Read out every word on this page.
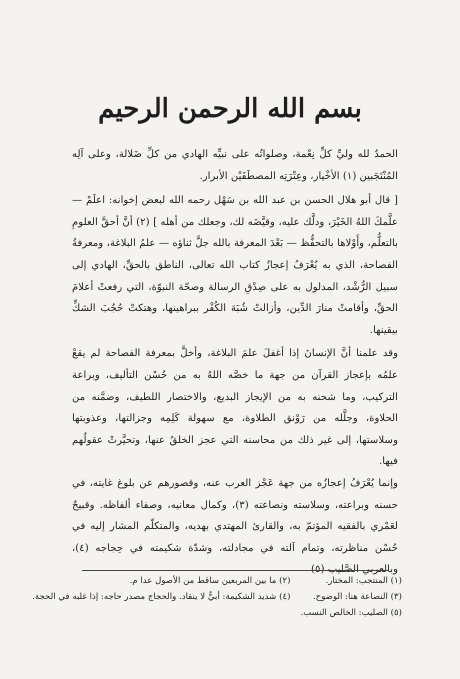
بسم الله الرحمن الرحيم

الحمدُ لله وليِّ كلِّ نِعْمة، وصلواتُه على نبيِّه الهادي من كلِّ ضَلالة، وعلى آلِه المُنْتَجَبين (١) الأخْيار، وعِتْرَتِه المصطَفَيْن الأبرار.

[ قال أبو هلال الحسن بن عبد الله بن سَهْل رحمه الله لبعض إخوانه: اعلَمْ — علَّمكَ اللهُ الخَيْرَ، ودلَّك عليه، وقيَّضَه لك، وجعلك من أهله ] (٢) أنَّ أحقَّ العلومِ بالتعلُّم، وأَوْلاها بالتحفُّظ — بَعْدَ المعرفة بالله جلَّ ثناؤه — علمُ البلاغة، ومعرفةُ الفصاحة، الذي به يُعْرَفُ إعجازُ كتاب الله تعالى، الناطق بالحقِّ، الهادي إلى سبيل الرُّشْد، المدلول به على صِدْقِ الرسالة وصحّة النبوّة، التي رفعتْ أعلامَ الحقِّ، وأقامتْ منارَ الدِّين، وأزالتْ شُبَهَ الكُفْر ببراهينها، وهتكتْ حُجُبَ الشكِّ بيقينها.

وقد علمنا أنَّ الإنسانَ إذا أغفلَ علمَ البلاغة، وأخلَّ بمعرفة الفصاحة لم يقعْ علمُه بإعجاز القرآن من جهة ما خصَّه اللهُ به من حُسْن التأليف، وبراعة التركيب، وما شحنه به من الإيجاز البديع، والاختصار اللطيف، وضمَّنه من الحلاوة، وجلَّله من رَوْنق الطلاوة، مع سهولة كَلِمِه وجزالتها، وعذوبتها وسلاستها، إلى غير ذلك من محاسنه التي عجز الخلقُ عنها، وتحيَّرتْ عقولُهم فيها.

وإنما يُعْرَفُ إعجازُه من جهة عَجْز العرب عنه، وقصورهم عن بلوغ غايته، في حسنه وبراعته، وسلاسته ونصاعته (٣)، وكمال معانيه، وصفاء ألفاظه. وقبيحٌ لعَمْري بالفقيه المؤتمّ به، والقارئ المهتدي بهديه، والمتكلّم المشار إليه في حُسْن مناظرته، وتمام آلته في مجادلته، وشدّة شكيمته في حِجاجه (٤)، وبالعربي الصَّليب (٥)

(١) المنتجب: المختار.
(٢) ما بين المربعين ساقط من الأصول عدا م.
(٣) النصاعة هنا: الوضوح.
(٤) شديد الشكيمة: أبيٌّ لا ينقاد. والحجاج مصدر حاجه: إذا غلبه في الحجة.
(٥) الصليب: الخالص النسب.
